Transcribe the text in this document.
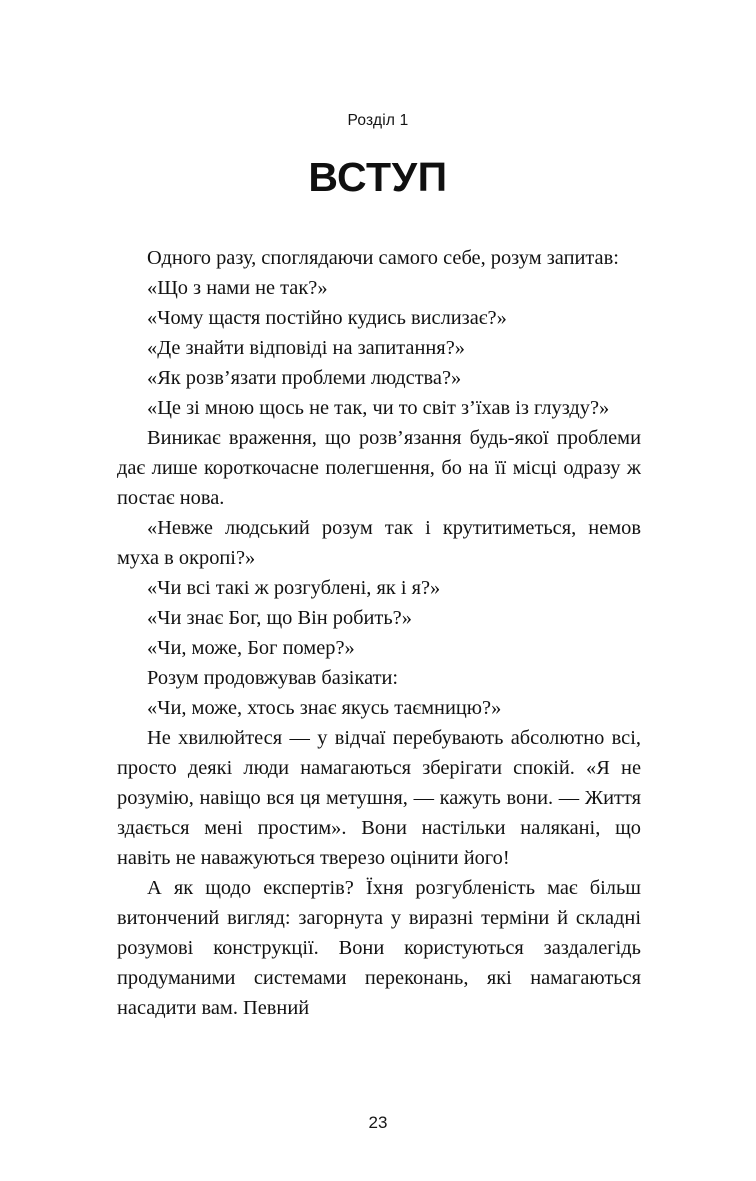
Розділ 1
ВСТУП

Одного разу, споглядаючи самого себе, розум запитав:

«Що з нами не так?»

«Чому щастя постійно кудись вислизає?»

«Де знайти відповіді на запитання?»

«Як розв’язати проблеми людства?»

«Це зі мною щось не так, чи то світ з’їхав із глузду?»

Виникає враження, що розв’язання будь-якої проблеми дає лише короткочасне полегшення, бо на її місці одразу ж постає нова.

«Невже людський розум так і крутитиметься, немов муха в окропі?»

«Чи всі такі ж розгублені, як і я?»

«Чи знає Бог, що Він робить?»

«Чи, може, Бог помер?»

Розум продовжував базікати:

«Чи, може, хтось знає якусь таємницю?»

Не хвилюйтеся — у відчаї перебувають абсолютно всі, просто деякі люди намагаються зберігати спокій. «Я не розумію, навіщо вся ця метушня, — кажуть вони. — Життя здається мені простим». Вони настільки налякані, що навіть не наважуються тверезо оцінити його!

А як щодо експертів? Їхня розгубленість має більш витончений вигляд: загорнута у виразні терміни й складні розумові конструкції. Вони користуються заздалегідь продуманими системами переконань, які намагаються насадити вам. Певний

23
